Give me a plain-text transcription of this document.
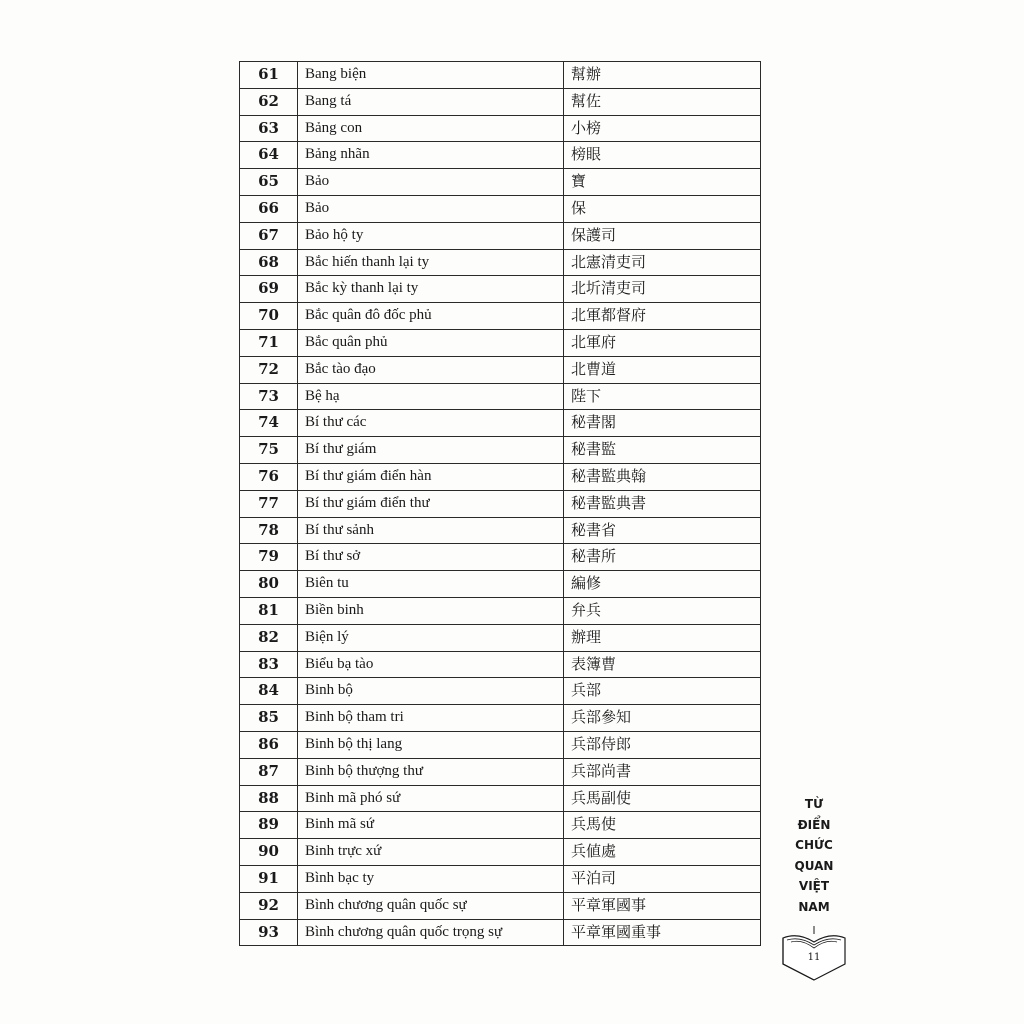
61	Bang biện	幫辦
62	Bang tá	幫佐
63	Bảng con	小榜
64	Bảng nhãn	榜眼
65	Bảo	寶
66	Bảo	保
67	Bảo hộ ty	保護司
68	Bắc hiến thanh lại ty	北憲清吏司
69	Bắc kỳ thanh lại ty	北圻清吏司
70	Bắc quân đô đốc phủ	北軍都督府
71	Bắc quân phủ	北軍府
72	Bắc tào đạo	北曹道
73	Bệ hạ	陛下
74	Bí thư các	秘書閣
75	Bí thư giám	秘書監
76	Bí thư giám điển hàn	秘書監典翰
77	Bí thư giám điển thư	秘書監典書
78	Bí thư sảnh	秘書省
79	Bí thư sở	秘書所
80	Biên tu	編修
81	Biền binh	弁兵
82	Biện lý	辦理
83	Biểu bạ tào	表簿曹
84	Binh bộ	兵部
85	Binh bộ tham tri	兵部參知
86	Binh bộ thị lang	兵部侍郎
87	Binh bộ thượng thư	兵部尚書
88	Binh mã phó sứ	兵馬副使
89	Binh mã sứ	兵馬使
90	Binh trực xứ	兵値處
91	Bình bạc ty	平泊司
92	Bình chương quân quốc sự	平章軍國事
93	Bình chương quân quốc trọng sự	平章軍國重事
TỪ
ĐIỂN
CHỨC
QUAN
VIỆT
NAM
11
